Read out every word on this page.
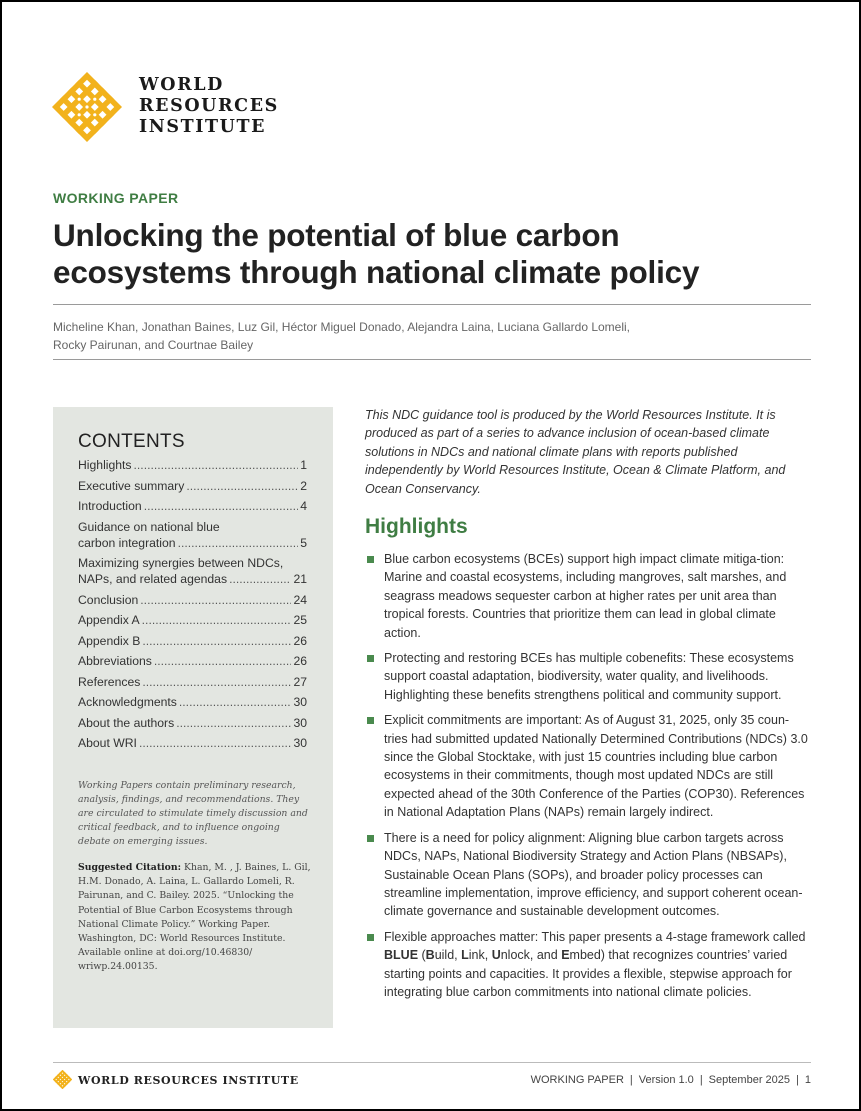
WORLD
RESOURCES
INSTITUTE
WORKING PAPER
Unlocking the potential of blue carbon
ecosystems through national climate policy
Micheline Khan, Jonathan Baines, Luz Gil, Héctor Miguel Donado, Alejandra Laina, Luciana Gallardo Lomeli,
Rocky Pairunan, and Courtnae Bailey
CONTENTS
Highlights .....	1
Executive summary .....	2
Introduction .....	4
Guidance on national blue
carbon integration .....	5
Maximizing synergies between NDCs,
NAPs, and related agendas .....	21
Conclusion .....	24
Appendix A .....	25
Appendix B .....	26
Abbreviations .....	26
References .....	27
Acknowledgments .....	30
About the authors .....	30
About WRI .....	30
Working Papers contain preliminary research, analysis, findings, and recommendations. They are circulated to stimulate timely discussion and critical feedback, and to influence ongoing debate on emerging issues.
Suggested Citation: Khan, M. , J. Baines, L. Gil, H.M. Donado, A. Laina, L. Gallardo Lomeli, R. Pairunan, and C. Bailey. 2025. “Unlocking the Potential of Blue Carbon Ecosystems through National Climate Policy.” Working Paper. Washington, DC: World Resources Institute. Available online at doi.org/10.46830/ wriwp.24.00135.
This NDC guidance tool is produced by the World Resources Institute. It is produced as part of a series to advance inclusion of ocean-based climate solutions in NDCs and national climate plans with reports published independently by World Resources Institute, Ocean & Climate Platform, and Ocean Conservancy.
Highlights
Blue carbon ecosystems (BCEs) support high impact climate mitiga-tion: Marine and coastal ecosystems, including mangroves, salt marshes, and seagrass meadows sequester carbon at higher rates per unit area than tropical forests. Countries that prioritize them can lead in global climate action.
Protecting and restoring BCEs has multiple cobenefits: These ecosystems support coastal adaptation, biodiversity, water quality, and livelihoods. Highlighting these benefits strengthens political and community support.
Explicit commitments are important: As of August 31, 2025, only 35 coun-tries had submitted updated Nationally Determined Contributions (NDCs) 3.0 since the Global Stocktake, with just 15 countries including blue carbon ecosystems in their commitments, though most updated NDCs are still expected ahead of the 30th Conference of the Parties (COP30). References in National Adaptation Plans (NAPs) remain largely indirect.
There is a need for policy alignment: Aligning blue carbon targets across NDCs, NAPs, National Biodiversity Strategy and Action Plans (NBSAPs), Sustainable Ocean Plans (SOPs), and broader policy processes can streamline implementation, improve efficiency, and support coherent ocean-climate governance and sustainable development outcomes.
Flexible approaches matter: This paper presents a 4-stage framework called BLUE (Build, Link, Unlock, and Embed) that recognizes countries’ varied starting points and capacities. It provides a flexible, stepwise approach for integrating blue carbon commitments into national climate policies.
WORLD RESOURCES INSTITUTE	WORKING PAPER | Version 1.0 | September 2025 | 1
